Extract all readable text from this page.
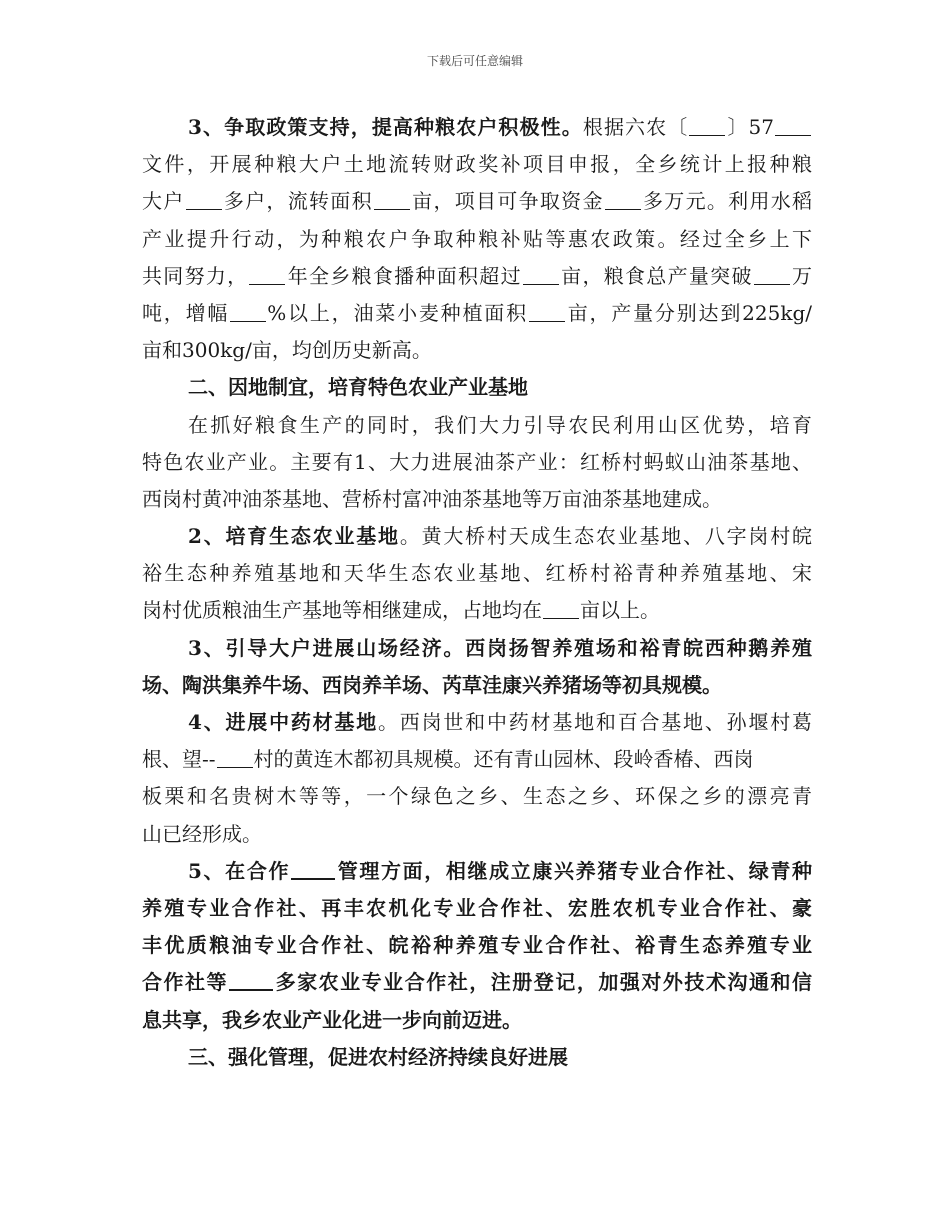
下载后可任意编辑
3、争取政策支持，提高种粮农户积极性。根据六农〔 〕57
文件，开展种粮大户土地流转财政奖补项目申报，全乡统计上报种粮
大户 多户，流转面积 亩，项目可争取资金 多万元。利用水稻
产业提升行动，为种粮农户争取种粮补贴等惠农政策。经过全乡上下
共同努力， 年全乡粮食播种面积超过 亩，粮食总产量突破 万
吨，增幅 %以上，油菜小麦种植面积 亩，产量分别达到225kg/
亩和300kg/亩，均创历史新高。
二、因地制宜，培育特色农业产业基地
在抓好粮食生产的同时，我们大力引导农民利用山区优势，培育
特色农业产业。主要有1、大力进展油茶产业：红桥村蚂蚁山油茶基地、
西岗村黄冲油茶基地、营桥村富冲油茶基地等万亩油茶基地建成。
2、培育生态农业基地。黄大桥村天成生态农业基地、八字岗村皖
裕生态种养殖基地和天华生态农业基地、红桥村裕青种养殖基地、宋
岗村优质粮油生产基地等相继建成，占地均在 亩以上。
3、引导大户进展山场经济。西岗扬智养殖场和裕青皖西种鹅养殖
场、陶洪集养牛场、西岗养羊场、芮草洼康兴养猪场等初具规模。
4、进展中药材基地。西岗世和中药材基地和百合基地、孙堰村葛
根、望-- 村的黄连木都初具规模。还有青山园林、段岭香椿、西岗
板栗和名贵树木等等，一个绿色之乡、生态之乡、环保之乡的漂亮青
山已经形成。
5、在合作 管理方面，相继成立康兴养猪专业合作社、绿青种
养殖专业合作社、再丰农机化专业合作社、宏胜农机专业合作社、豪
丰优质粮油专业合作社、皖裕种养殖专业合作社、裕青生态养殖专业
合作社等 多家农业专业合作社，注册登记，加强对外技术沟通和信
息共享，我乡农业产业化进一步向前迈进。
三、强化管理，促进农村经济持续良好进展
